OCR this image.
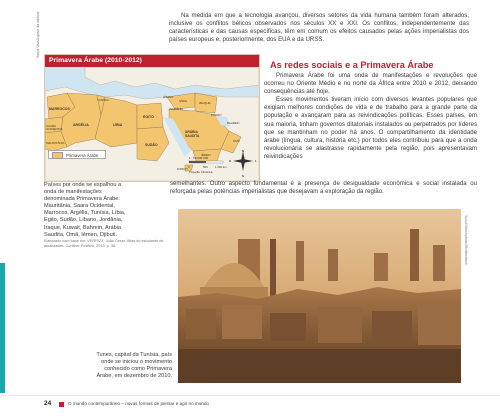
Na medida em que a tecnologia avançou, diversos setores da vida humana também foram alterados, inclusive os conflitos bélicos observados nos séculos XX e XXI. Os conflitos, independentemente das características e das causas específicas, têm em comum os efeitos causados pelas ações imperialistas dos países europeus e, posteriormente, dos EUA e da URSS.

Primavera Árabe (2010-2012)
MARROCOS
SAARA OCIDENTAL
MAURITÂNIA
ARGÉLIA
TUNÍSIA
LÍBIA
EGITO
SUDÃO
LÍBANO
JORDÂNIA
SÍRIA	IRAQUE
KUWAIT
BAHREIN
ARÁBIA SAUDITA
OMÃ
IÊMEN
DJIBUTI
1 : 50 000 000
0	500	1 000 km
Projeção Cilíndrica
N
S
L
O
Sonia Vaz/Arquivo da editora
Primavera Árabe

Países por onde se espalhou a onda de manifestações denominada Primavera Árabe: Mauritânia, Saara Ocidental, Marrocos, Argélia, Tunísia, Líbia, Egito, Sudão, Líbano, Jordânia, Iraque, Kuwait, Bahrein, Arábia Saudita, Omã, Iêmen, Djibuti.

Elaborado com base em: VERRIZZ, João Cesar. Atlas do estudante de atualidades. Curitiba: Positivo, 2013. p. 38.

As redes sociais e a Primavera Árabe

Primavera Árabe foi uma onda de manifestações e revoluções que ocorreu no Oriente Médio e no norte da África entre 2010 e 2012, deixando consequências até hoje.

Esses movimentos tiveram início com diversos levantes populares que exigiam melhores condições de vida e de trabalho para a grande parte da população e avançaram para as reivindicações políticas. Esses países, em sua maioria, tinham governos ditatoriais instalados ou perpetrados por líderes que se mantinham no poder há anos. O compartilhamento da identidade árabe (língua, cultura, história etc.) por todos eles contribuiu para que a onda revolucionária se alastrasse rapidamente pela região, pois apresentavam reivindicações

semelhantes. Outro aspecto fundamental é a presença de desigualdade econômica e social instalada ou reforçada pelas potências imperialistas que desejavam a exploração da região.

Yusuf/iStockphoto/Shutterstock

Tunes, capital da Tunísia, país onde se iniciou o movimento conhecido como Primavera Árabe, em dezembro de 2010.

24	O mundo contemporâneo – novas formas de pensar e agir no mundo
